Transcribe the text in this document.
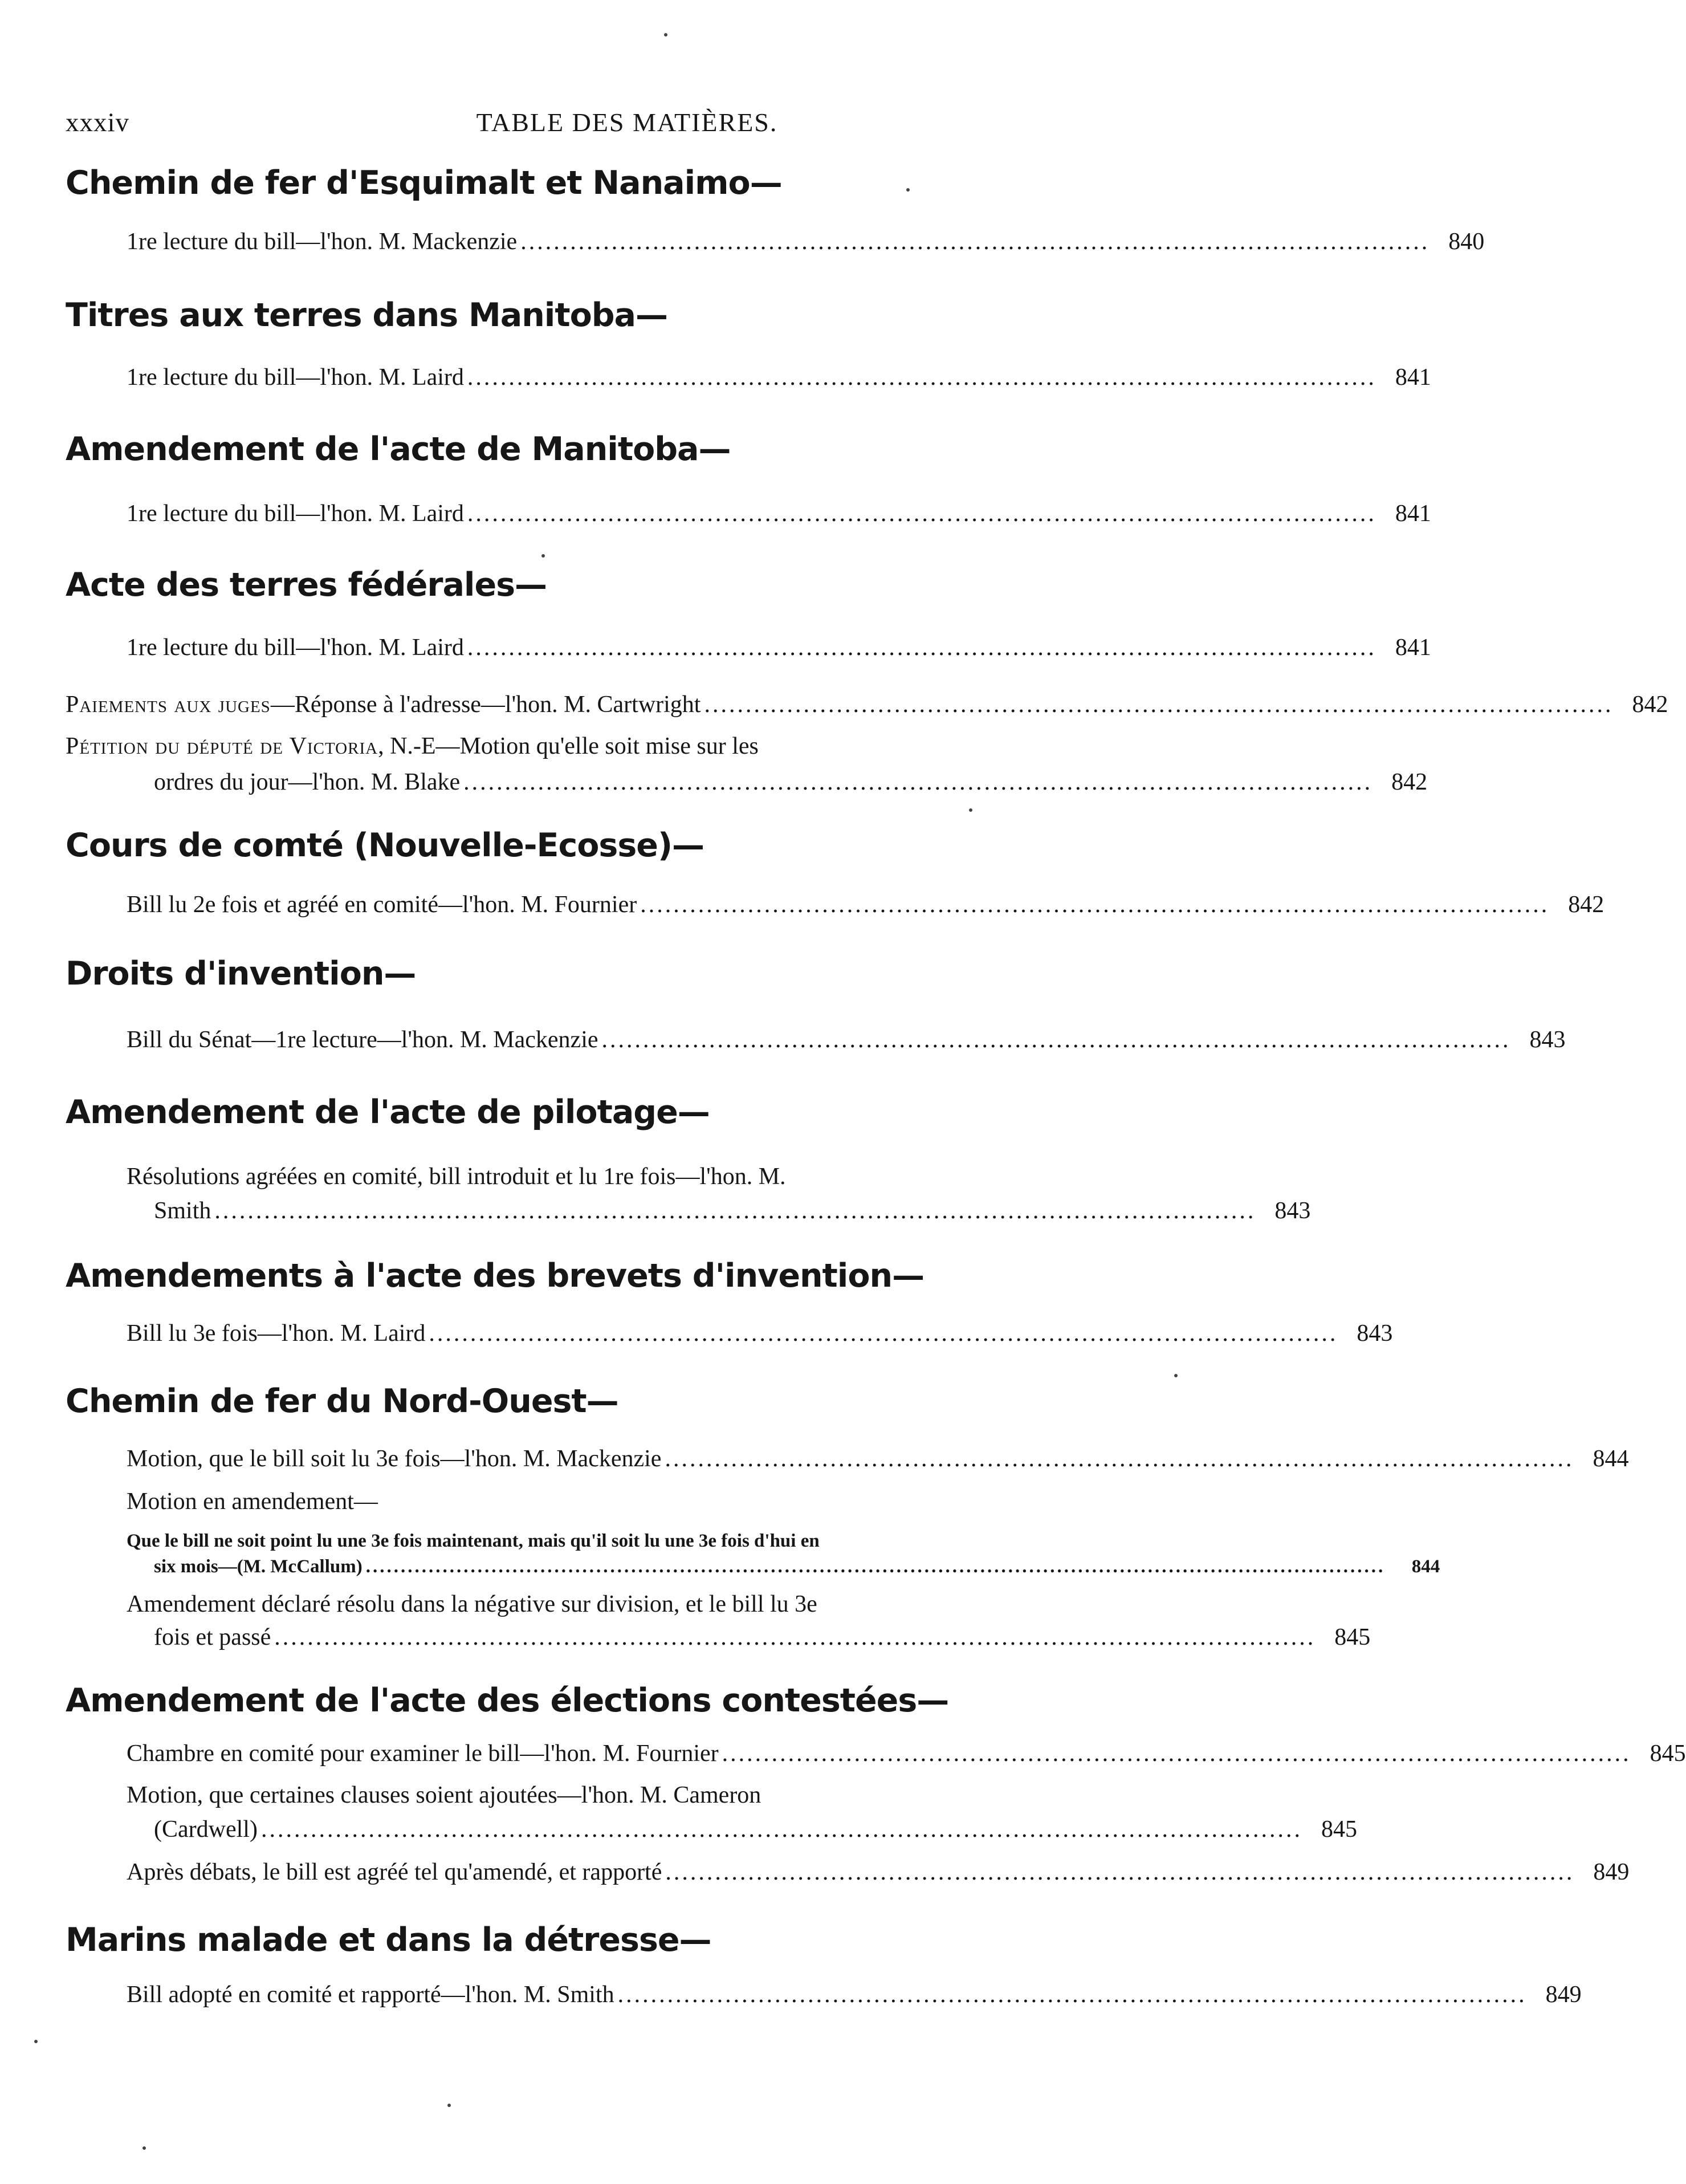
xxxiv	TABLE DES MATIÈRES.
Chemin de fer d'Esquimalt et Nanaimo—
1re lecture du bill—l'hon. M. Mackenzie .............................................................................................................. 840
Titres aux terres dans Manitoba—
1re lecture du bill—l'hon. M. Laird .............................................................................................................. 841
Amendement de l'acte de Manitoba—
1re lecture du bill—l'hon. M. Laird .............................................................................................................. 841
Acte des terres fédérales—
1re lecture du bill—l'hon. M. Laird .............................................................................................................. 841
Paiements aux juges—Réponse à l'adresse—l'hon. M. Cartwright .............................................................................................................. 842
Pétition du député de Victoria, N.-E—Motion qu'elle soit mise sur les
ordres du jour—l'hon. M. Blake .............................................................................................................. 842
Cours de comté (Nouvelle-Ecosse)—
Bill lu 2e fois et agréé en comité—l'hon. M. Fournier .............................................................................................................. 842
Droits d'invention—
Bill du Sénat—1re lecture—l'hon. M. Mackenzie .............................................................................................................. 843
Amendement de l'acte de pilotage—
Résolutions agréées en comité, bill introduit et lu 1re fois—l'hon. M.
Smith .............................................................................................................................. 843
Amendements à l'acte des brevets d'invention—
Bill lu 3e fois—l'hon. M. Laird .............................................................................................................. 843
Chemin de fer du Nord-Ouest—
Motion, que le bill soit lu 3e fois—l'hon. M. Mackenzie .............................................................................................................. 844
Motion en amendement—
Que le bill ne soit point lu une 3e fois maintenant, mais qu'il soit lu une 3e fois d'hui en
six mois—(M. McCallum) ..................................................................................................................................................	844
Amendement déclaré résolu dans la négative sur division, et le bill lu 3e
fois et passé .............................................................................................................................. 845
Amendement de l'acte des élections contestées—
Chambre en comité pour examiner le bill—l'hon. M. Fournier .............................................................................................................. 845
Motion, que certaines clauses soient ajoutées—l'hon. M. Cameron
(Cardwell) .............................................................................................................................. 845
Après débats, le bill est agréé tel qu'amendé, et rapporté .............................................................................................................. 849
Marins malade et dans la détresse—
Bill adopté en comité et rapporté—l'hon. M. Smith .............................................................................................................. 849
